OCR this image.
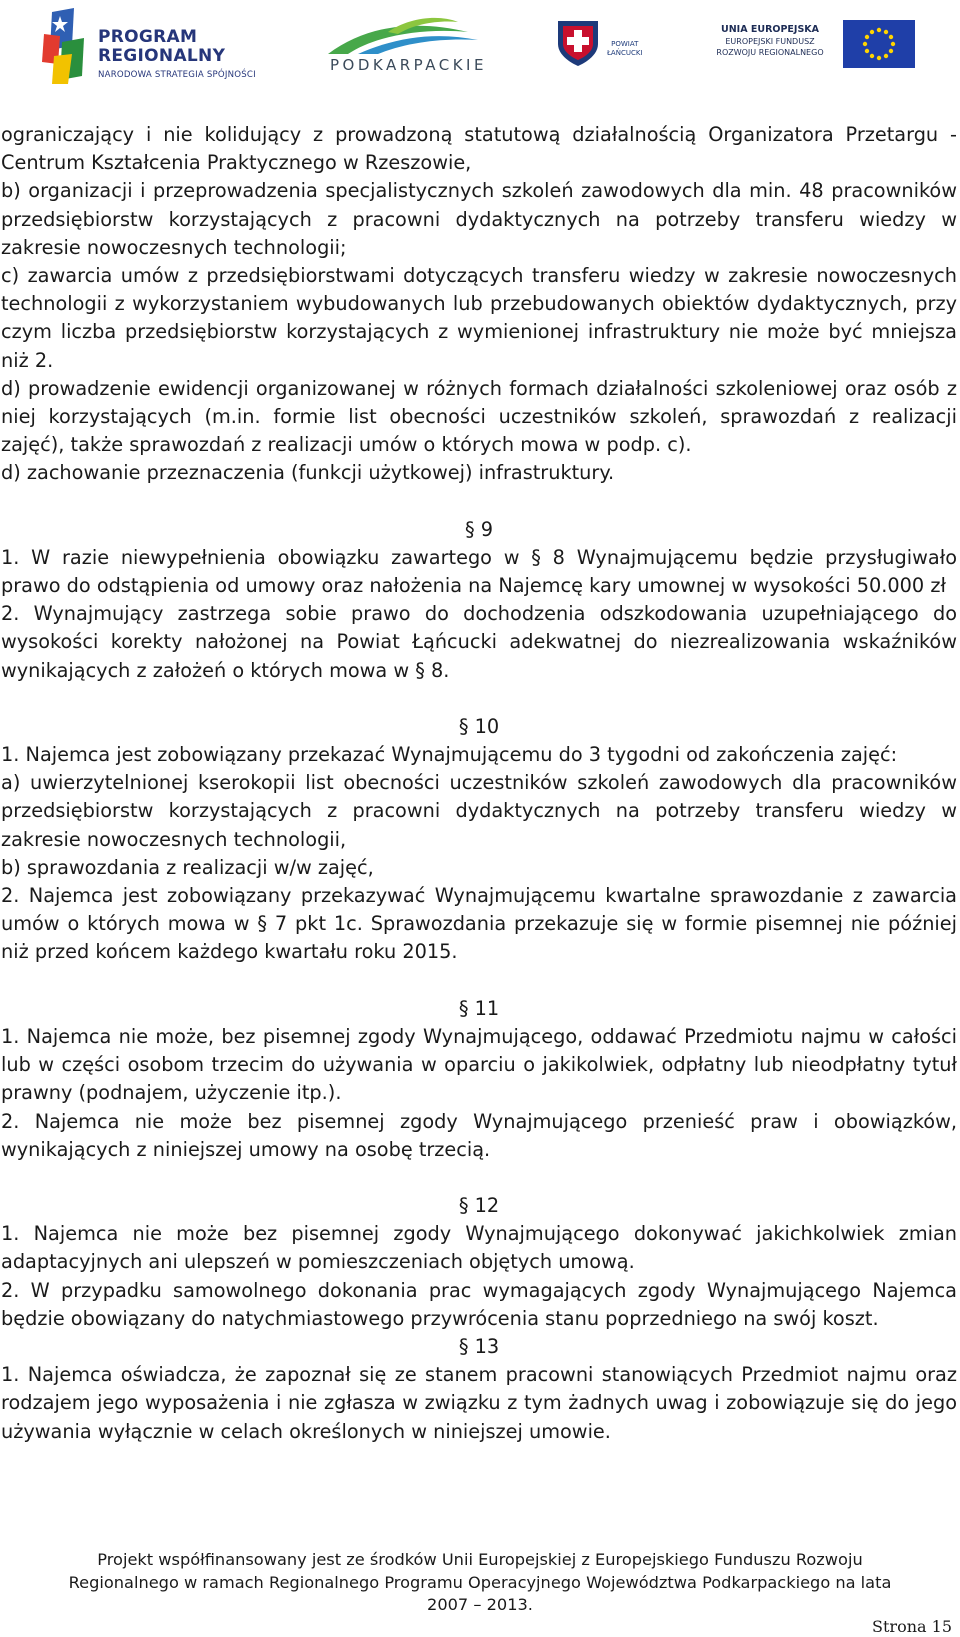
PROGRAM
REGIONALNY
NARODOWA STRATEGIA SPÓJNOŚCI
PODKARPACKIE
POWIAT
ŁAŃCUCKI
UNIA EUROPEJSKA
EUROPEJSKI FUNDUSZ
ROZWOJU REGIONALNEGO

ograniczający i nie kolidujący z prowadzoną statutową działalnością Organizatora Przetargu - Centrum Kształcenia Praktycznego w Rzeszowie,

b) organizacji i przeprowadzenia specjalistycznych szkoleń zawodowych dla min. 48 pracowników przedsiębiorstw korzystających z pracowni dydaktycznych na potrzeby transferu wiedzy w zakresie nowoczesnych technologii;

c) zawarcia umów z przedsiębiorstwami dotyczących transferu wiedzy w zakresie nowoczesnych technologii z wykorzystaniem wybudowanych lub przebudowanych obiektów dydaktycznych, przy czym liczba przedsiębiorstw korzystających z wymienionej infrastruktury nie może być mniejsza niż 2.

d) prowadzenie ewidencji organizowanej w różnych formach działalności szkoleniowej oraz osób z niej korzystających (m.in. formie list obecności uczestników szkoleń, sprawozdań z realizacji zajęć), także sprawozdań z realizacji umów o których mowa w podp. c).

d) zachowanie przeznaczenia (funkcji użytkowej) infrastruktury.

§ 9

1. W razie niewypełnienia obowiązku zawartego w § 8 Wynajmującemu będzie przysługiwało prawo do odstąpienia od umowy oraz nałożenia na Najemcę kary umownej w wysokości 50.000 zł

2. Wynajmujący zastrzega sobie prawo do dochodzenia odszkodowania uzupełniającego do wysokości korekty nałożonej na Powiat Łąńcucki adekwatnej do niezrealizowania wskaźników wynikających z założeń o których mowa w § 8.

§ 10

1. Najemca jest zobowiązany przekazać Wynajmującemu do 3 tygodni od zakończenia zajęć:

a) uwierzytelnionej kserokopii list obecności uczestników szkoleń zawodowych dla pracowników przedsiębiorstw korzystających z pracowni dydaktycznych na potrzeby transferu wiedzy w zakresie nowoczesnych technologii,

b) sprawozdania z realizacji w/w zajęć,

2. Najemca jest zobowiązany przekazywać Wynajmującemu kwartalne sprawozdanie z zawarcia umów o których mowa w § 7 pkt 1c. Sprawozdania przekazuje się w formie pisemnej nie później niż przed końcem każdego kwartału roku 2015.

§ 11

1. Najemca nie może, bez pisemnej zgody Wynajmującego, oddawać Przedmiotu najmu w całości lub w części osobom trzecim do używania w oparciu o jakikolwiek, odpłatny lub nieodpłatny tytuł prawny (podnajem, użyczenie itp.).

2. Najemca nie może bez pisemnej zgody Wynajmującego przenieść praw i obowiązków, wynikających z niniejszej umowy na osobę trzecią.

§ 12

1. Najemca nie może bez pisemnej zgody Wynajmującego dokonywać jakichkolwiek zmian adaptacyjnych ani ulepszeń w pomieszczeniach objętych umową.

2. W przypadku samowolnego dokonania prac wymagających zgody Wynajmującego Najemca będzie obowiązany do natychmiastowego przywrócenia stanu poprzedniego na swój koszt.

§ 13

1. Najemca oświadcza, że zapoznał się ze stanem pracowni stanowiących Przedmiot najmu oraz rodzajem jego wyposażenia i nie zgłasza w związku z tym żadnych uwag i zobowiązuje się do jego używania wyłącznie w celach określonych w niniejszej umowie.

Projekt współfinansowany jest ze środków Unii Europejskiej z Europejskiego Funduszu Rozwoju
Regionalnego w ramach Regionalnego Programu Operacyjnego Województwa Podkarpackiego na lata
2007 – 2013.
Strona 15
